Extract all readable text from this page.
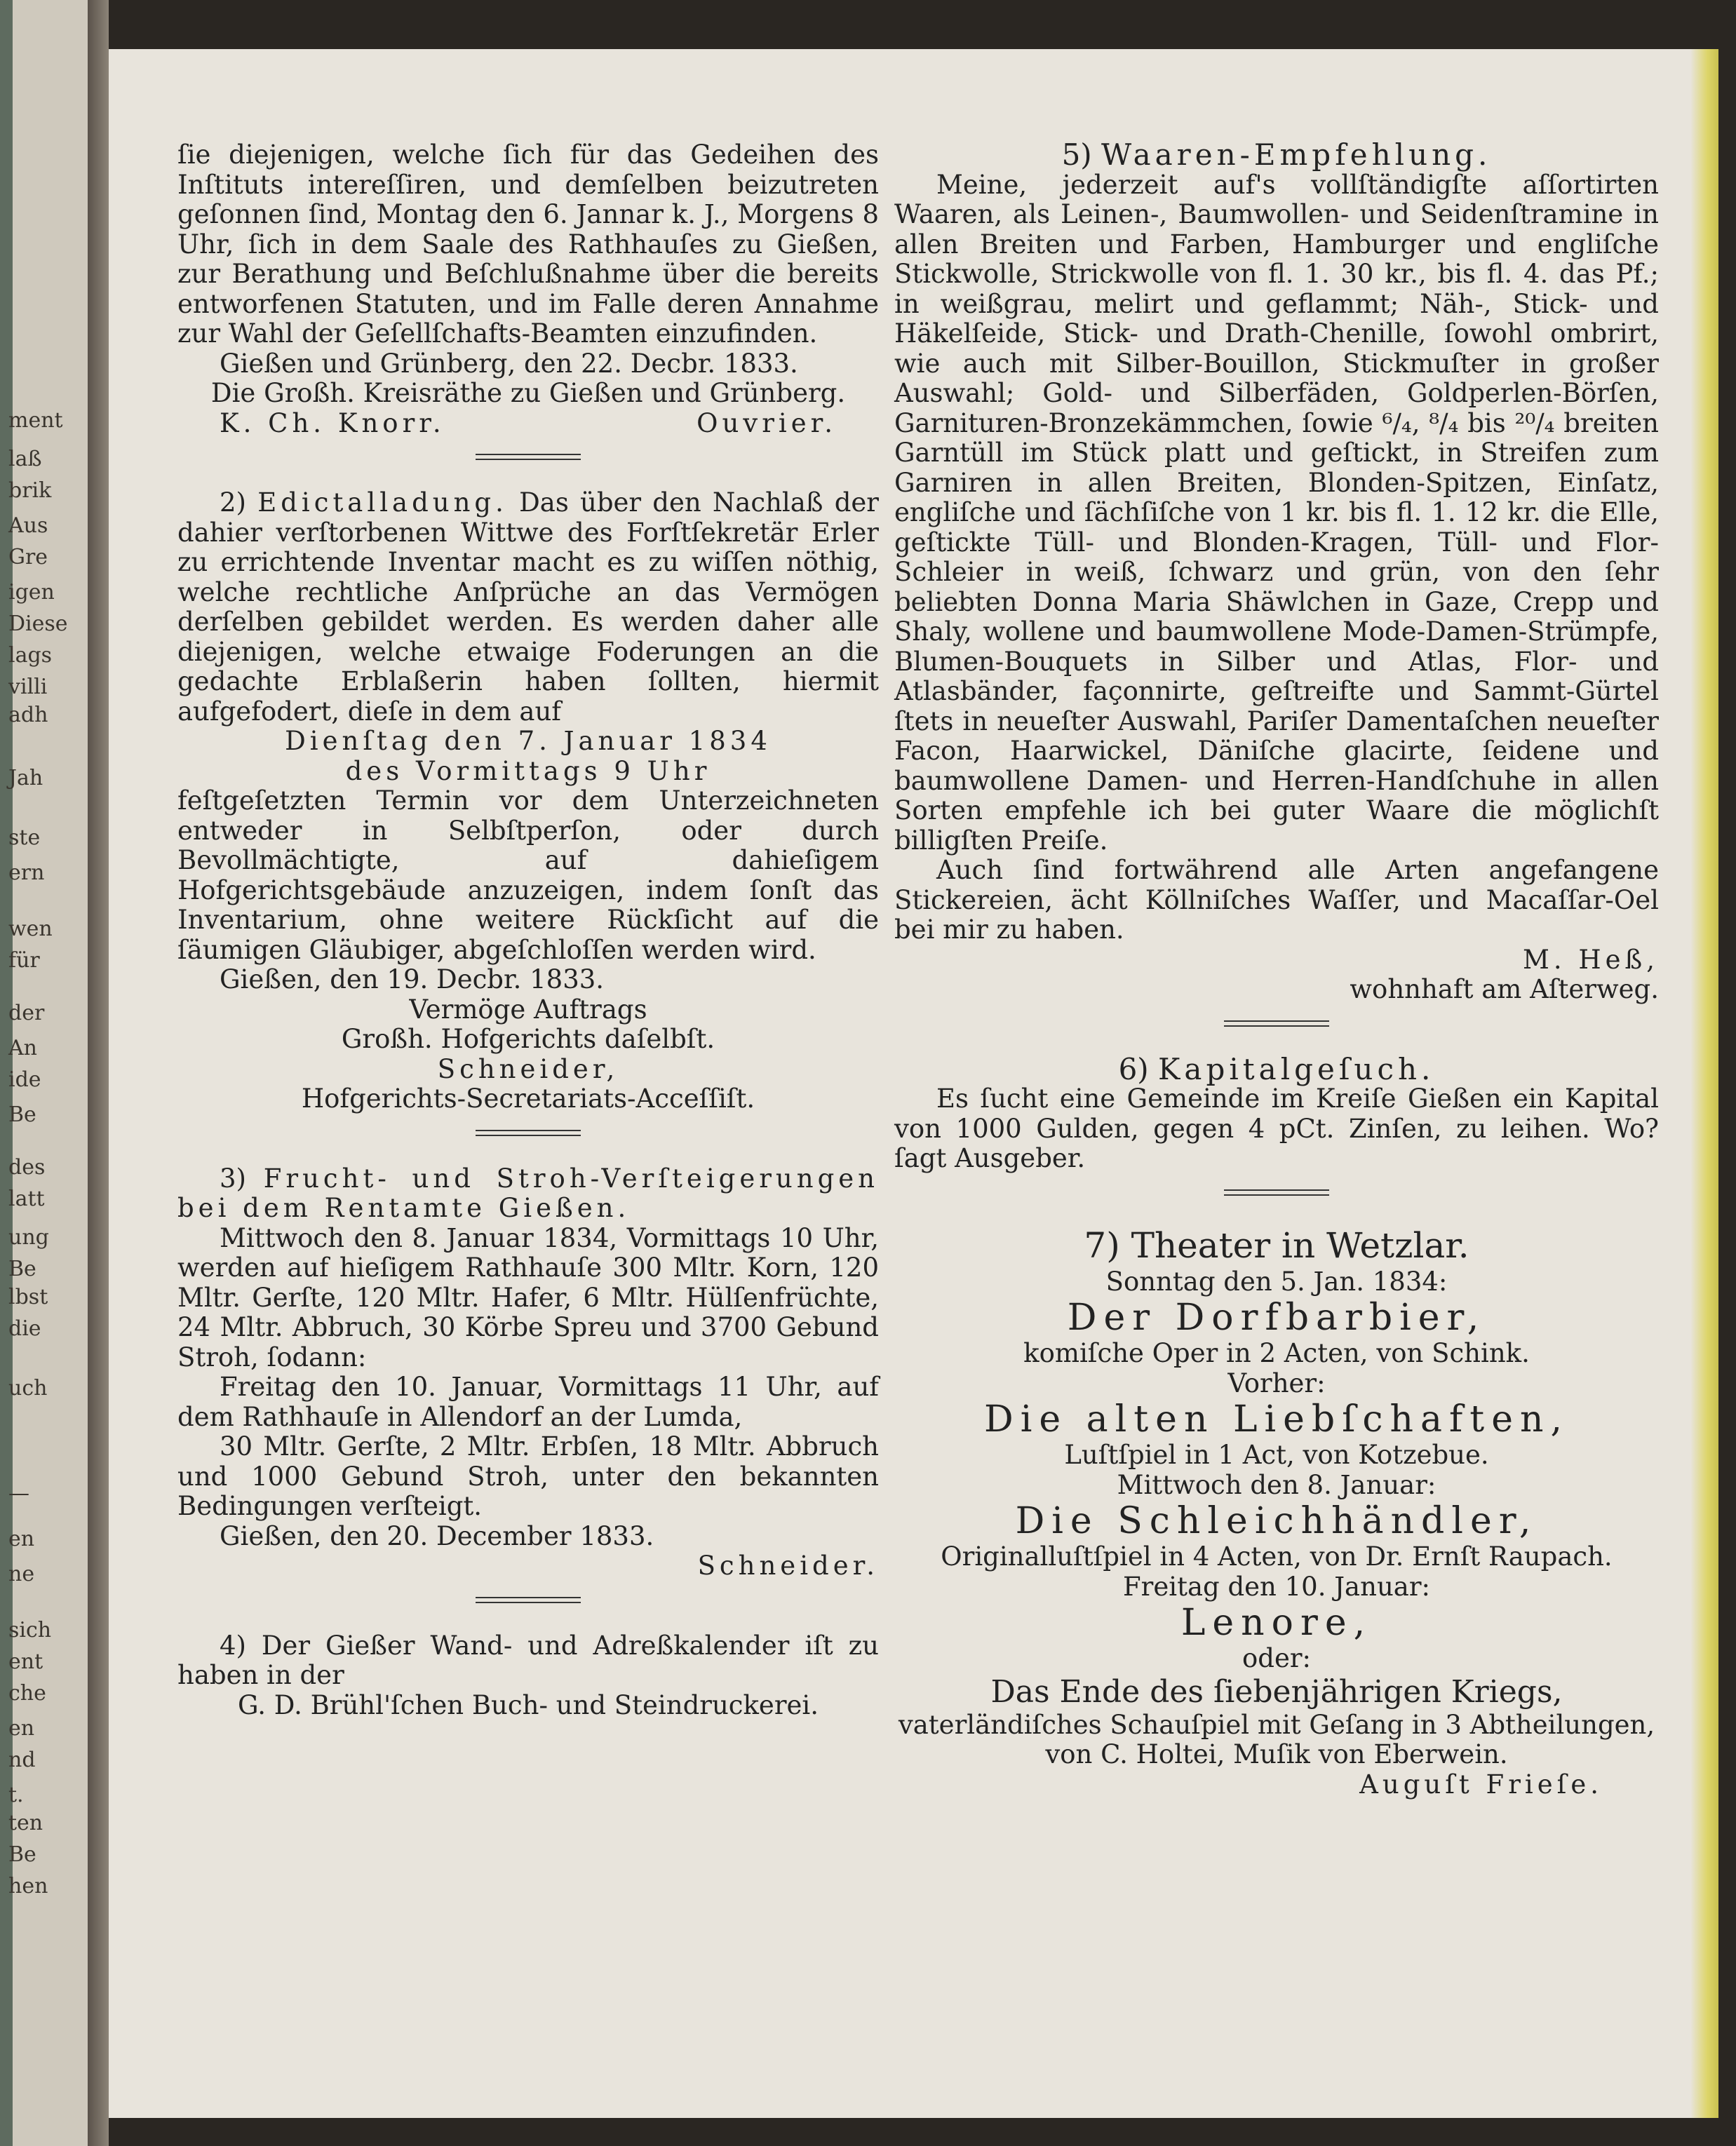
ment
laß
brik
Aus
Gre
igen
Diese
lags
villi
adh
Jah
ste
ern
wen
für
der
An
ide
Be
des
latt
ung
Be
lbst
die
uch
—
en
ne
sich
ent
che
en
nd
t.
ten
Be
hen

ſie diejenigen, welche ſich für das Gedeihen des Inſtituts intereſſiren, und demſelben beizutreten geſonnen ſind, Montag den 6. Jannar k. J., Morgens 8 Uhr, ſich in dem Saale des Rathhauſes zu Gießen, zur Berathung und Beſchlußnahme über die bereits entworfenen Statuten, und im Falle deren Annahme zur Wahl der Geſellſchafts-Beamten einzufinden.

Gießen und Grünberg, den 22. Decbr. 1833.

Die Großh. Kreisräthe zu Gießen und Grünberg.

K. Ch. Knorr.	Ouvrier.

2) Edictalladung. Das über den Nachlaß der dahier verſtorbenen Wittwe des Forſtſekretär Erler zu errichtende Inventar macht es zu wiſſen nöthig, welche rechtliche Anſprüche an das Vermögen derſelben gebildet werden. Es werden daher alle diejenigen, welche etwaige Foderungen an die gedachte Erblaßerin haben ſollten, hiermit aufgefodert, dieſe in dem auf

Dienſtag den 7. Januar 1834

des Vormittags 9 Uhr

feſtgeſetzten Termin vor dem Unterzeichneten entweder in Selbſtperſon, oder durch Bevollmächtigte, auf dahieſigem Hofgerichtsgebäude anzuzeigen, indem ſonſt das Inventarium, ohne weitere Rückſicht auf die ſäumigen Gläubiger, abgeſchloſſen werden wird.

Gießen, den 19. Decbr. 1833.

Vermöge Auftrags

Großh. Hofgerichts daſelbſt.

Schneider,

Hofgerichts-Secretariats-Acceſſiſt.

3) Frucht- und Stroh-Verſteigerungen bei dem Rentamte Gießen.

Mittwoch den 8. Januar 1834, Vormittags 10 Uhr, werden auf hieſigem Rathhauſe 300 Mltr. Korn, 120 Mltr. Gerſte, 120 Mltr. Hafer, 6 Mltr. Hülſenfrüchte, 24 Mltr. Abbruch, 30 Körbe Spreu und 3700 Gebund Stroh, ſodann:

Freitag den 10. Januar, Vormittags 11 Uhr, auf dem Rathhauſe in Allendorf an der Lumda,

30 Mltr. Gerſte, 2 Mltr. Erbſen, 18 Mltr. Abbruch und 1000 Gebund Stroh, unter den bekannten Bedingungen verſteigt.

Gießen, den 20. December 1833.

Schneider.

4) Der Gießer Wand- und Adreßkalender iſt zu haben in der

G. D. Brühl'ſchen Buch- und Steindruckerei.

5) Waaren-Empfehlung.

Meine, jederzeit auf's vollſtändigſte aſſortirten Waaren, als Leinen-, Baumwollen- und Seidenſtramine in allen Breiten und Farben, Hamburger und engliſche Stickwolle, Strickwolle von fl. 1. 30 kr., bis fl. 4. das Pf.; in weißgrau, melirt und geflammt; Näh-, Stick- und Häkelſeide, Stick- und Drath-Chenille, ſowohl ombrirt, wie auch mit Silber-Bouillon, Stickmuſter in großer Auswahl; Gold- und Silberfäden, Goldperlen-Börſen, Garnituren-Bronzekämmchen, ſowie ⁶/₄, ⁸/₄ bis ²⁰/₄ breiten Garntüll im Stück platt und geſtickt, in Streifen zum Garniren in allen Breiten, Blonden-Spitzen, Einſatz, engliſche und ſächſiſche von 1 kr. bis fl. 1. 12 kr. die Elle, geſtickte Tüll- und Blonden-Kragen, Tüll- und Flor-Schleier in weiß, ſchwarz und grün, von den ſehr beliebten Donna Maria Shäwlchen in Gaze, Crepp und Shaly, wollene und baumwollene Mode-Damen-Strümpfe, Blumen-Bouquets in Silber und Atlas, Flor- und Atlasbänder, façonnirte, geſtreifte und Sammt-Gürtel ſtets in neueſter Auswahl, Pariſer Damentaſchen neueſter Facon, Haarwickel, Däniſche glacirte, ſeidene und baumwollene Damen- und Herren-Handſchuhe in allen Sorten empfehle ich bei guter Waare die möglichſt billigſten Preiſe.

Auch ſind fortwährend alle Arten angefangene Stickereien, ächt Köllniſches Waſſer, und Macaſſar-Oel bei mir zu haben.

M. Heß,

wohnhaft am Aſterweg.

6) Kapitalgeſuch.

Es ſucht eine Gemeinde im Kreiſe Gießen ein Kapital von 1000 Gulden, gegen 4 pCt. Zinſen, zu leihen. Wo? ſagt Ausgeber.

7) Theater in Wetzlar.

Sonntag den 5. Jan. 1834:

Der Dorfbarbier,

komiſche Oper in 2 Acten, von Schink.

Vorher:

Die alten Liebſchaften,

Luſtſpiel in 1 Act, von Kotzebue.

Mittwoch den 8. Januar:

Die Schleichhändler,

Originalluſtſpiel in 4 Acten, von Dr. Ernſt Raupach.

Freitag den 10. Januar:

Lenore,

oder:

Das Ende des ſiebenjährigen Kriegs,

vaterländiſches Schauſpiel mit Geſang in 3 Abtheilungen, von C. Holtei, Muſik von Eberwein.

Auguſt Frieſe.
